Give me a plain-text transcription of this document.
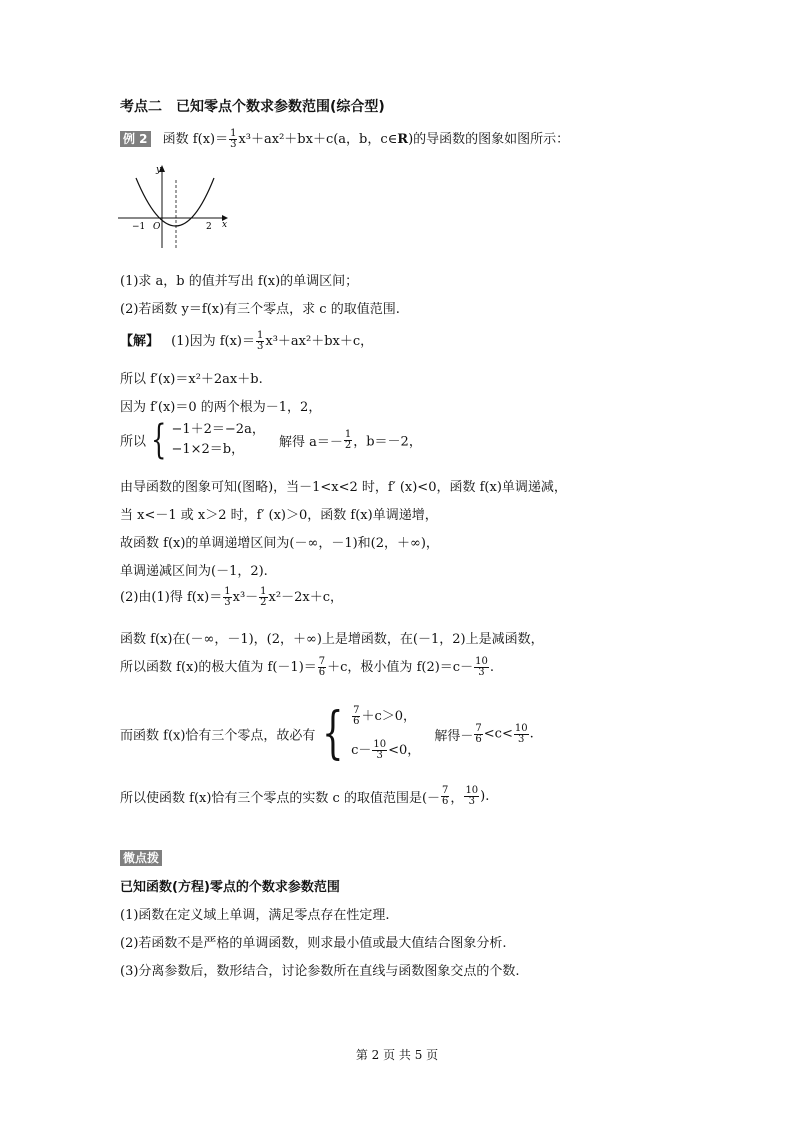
考点二　已知零点个数求参数范围(综合型)
例 2 函数 $f(x)= \frac{1}{3} x^3+ax^2+bx+c(a$，b，c∈R)的导函数的图象如图所示：
y
x
O
−1	2
(1)求 a，b 的值并写出 f(x)的单调区间；
(2)若函数 y＝f(x)有三个零点，求 c 的取值范围.
【解】 (1)因为 $f(x)= \frac{1}{3} x^3+ax^2+bx+c$，
所以 f′(x)＝x²＋2ax＋b.
因为 f′(x)＝0 的两个根为－1，2，
所以 { −1＋2＝−2a，
−1×2＝b，	解得 $a=- \frac{1}{2}$ ，b＝－2，
由导函数的图象可知(图略)，当－1<x<2 时，f′ (x)<0，函数 f(x)单调递减，
当 x<－1 或 x＞2 时，f′ (x)＞0，函数 f(x)单调递增，
故函数 f(x)的单调递增区间为(－∞，－1)和(2，＋∞)，
单调递减区间为(－1，2).
(2)由(1)得 $f(x)= \frac{1}{3} x^3- \frac{1}{2} x^2-2x+c$，
函数 f(x)在(－∞，－1)，(2，＋∞)上是增函数，在(－1，2)上是减函数，
所以函数 f(x)的极大值为 $f(-1)= \frac{7}{6} +c$，极小值为 $f(2)=c- \frac{10}{3}$ .
而函数 f(x)恰有三个零点，故必有 { $\frac{7}{6} +c>0$，
$c- \frac{10}{3} <0$，
解得－ $\frac{7}{6} <c< \frac{10}{3}$ .
所以使函数 f(x)恰有三个零点的实数 c 的取值范围是(－ $\frac{7}{6}$ ， $\frac{10}{3}$ ).
微点拨
已知函数(方程)零点的个数求参数范围
(1)函数在定义域上单调，满足零点存在性定理.
(2)若函数不是严格的单调函数，则求最小值或最大值结合图象分析.
(3)分离参数后，数形结合，讨论参数所在直线与函数图象交点的个数.
第 2 页 共 5 页
